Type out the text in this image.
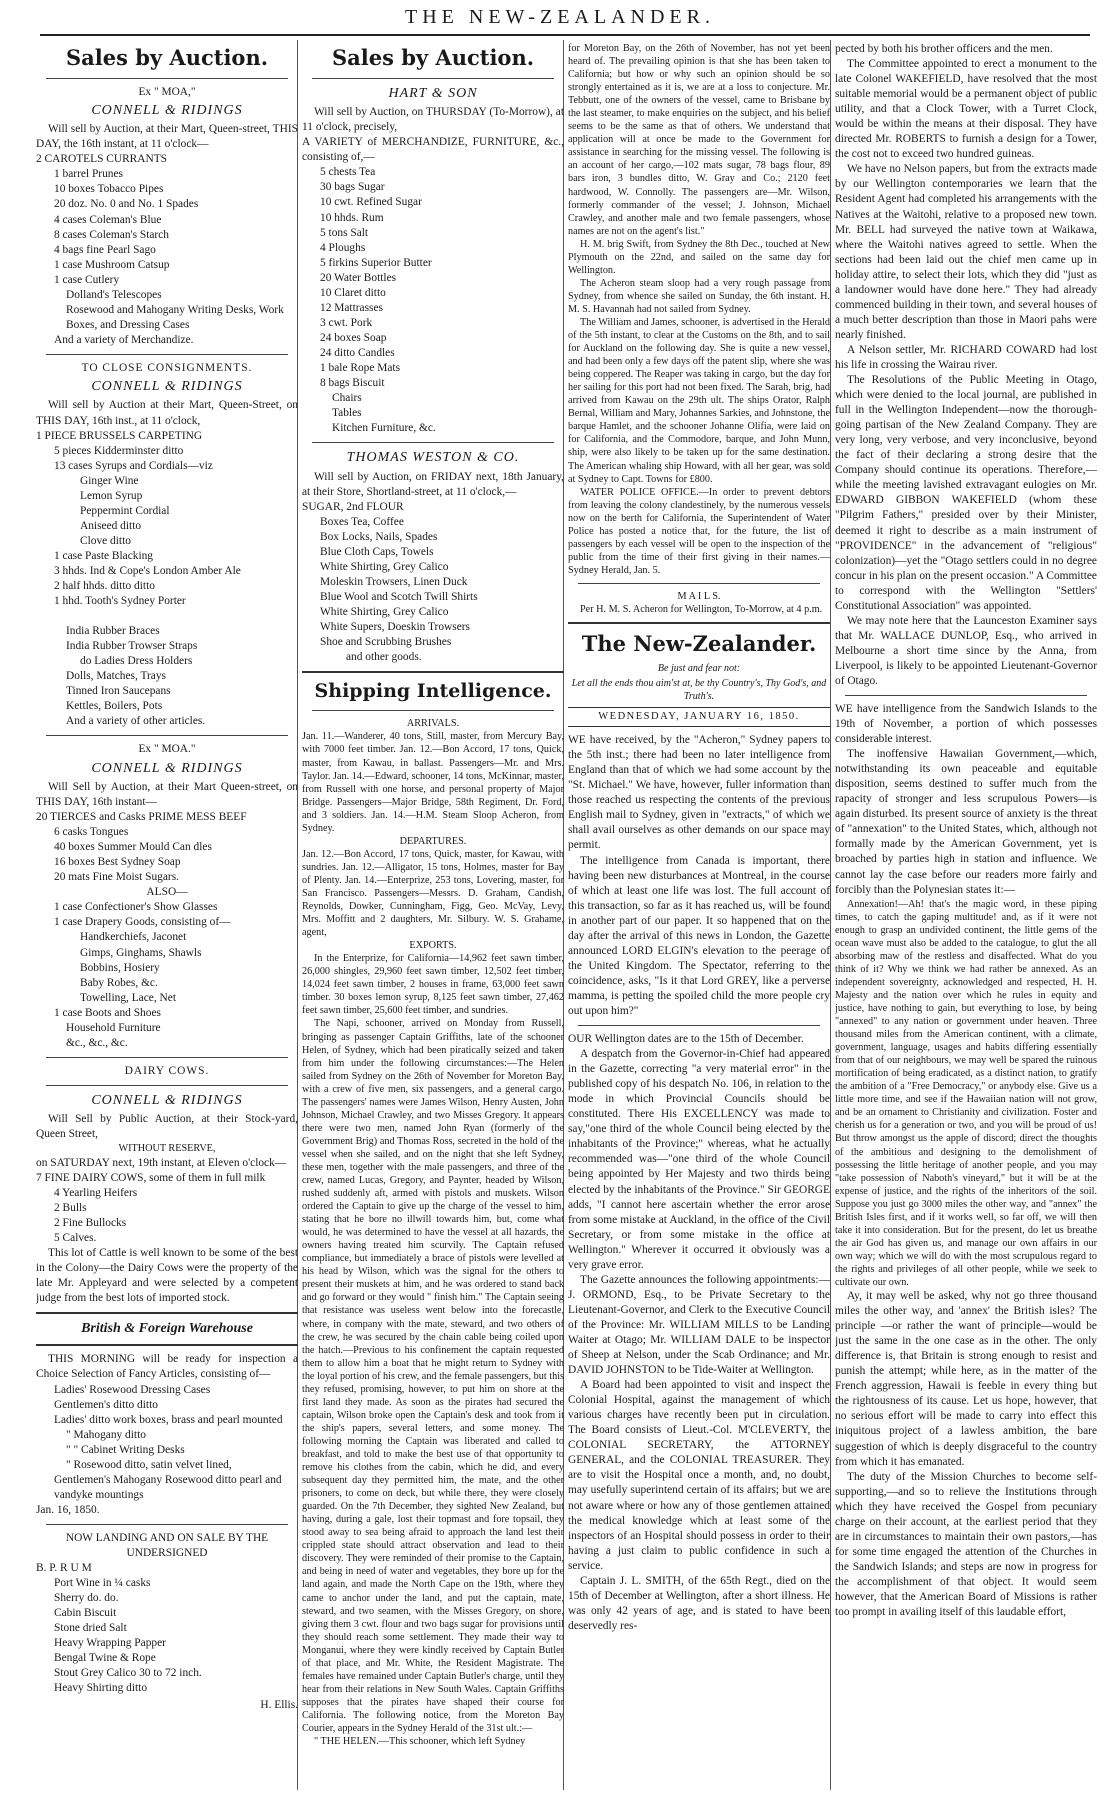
THE NEW-ZEALANDER.
Sales by Auction.
Ex " MOA,"
CONNELL & RIDINGS

Will sell by Auction, at their Mart, Queen-street, THIS DAY, the 16th instant, at 11 o'clock—

2 CAROTELS CURRANTS
1 barrel Prunes
10 boxes Tobacco Pipes
20 doz. No. 0 and No. 1 Spades
4 cases Coleman's Blue
8 cases Coleman's Starch
4 bags fine Pearl Sago
1 case Mushroom Catsup
1 case Cutlery
Dolland's Telescopes
Rosewood and Mahogany Writing Desks, Work Boxes, and Dressing Cases
And a variety of Merchandize.
TO CLOSE CONSIGNMENTS.
CONNELL & RIDINGS

Will sell by Auction at their Mart, Queen-Street, on THIS DAY, 16th inst., at 11 o'clock,

1 PIECE BRUSSELS CARPETING
5 pieces Kidderminster ditto
13 cases Syrups and Cordials—viz
Ginger Wine
Lemon Syrup
Peppermint Cordial
Aniseed ditto
Clove ditto
1 case Paste Blacking
3 hhds. Ind & Cope's London Amber Ale
2 half hhds. ditto ditto
1 hhd. Tooth's Sydney Porter

India Rubber Braces
India Rubber Trowser Straps
do Ladies Dress Holders
Dolls, Matches, Trays
Tinned Iron Saucepans
Kettles, Boilers, Pots
And a variety of other articles.
Ex " MOA."
CONNELL & RIDINGS

Will Sell by Auction, at their Mart Queen-street, on THIS DAY, 16th instant—

20 TIERCES and Casks PRIME MESS BEEF
6 casks Tongues
40 boxes Summer Mould Can dles
16 boxes Best Sydney Soap
20 mats Fine Moist Sugars.
ALSO—
1 case Confectioner's Show Glasses
1 case Drapery Goods, consisting of—
Handkerchiefs, Jaconet
Gimps, Ginghams, Shawls
Bobbins, Hosiery
Baby Robes, &c.
Towelling, Lace, Net
1 case Boots and Shoes
Household Furniture
&c., &c., &c.
DAIRY COWS.
CONNELL & RIDINGS

Will Sell by Public Auction, at their Stock-yard, Queen Street,

WITHOUT RESERVE,

on SATURDAY next, 19th instant, at Eleven o'clock—

7 FINE DAIRY COWS, some of them in full milk
4 Yearling Heifers
2 Bulls
2 Fine Bullocks
5 Calves.

This lot of Cattle is well known to be some of the best in the Colony—the Dairy Cows were the property of the late Mr. Appleyard and were selected by a competent judge from the best lots of imported stock.

British & Foreign Warehouse

THIS MORNING will be ready for inspection a Choice Selection of Fancy Articles, consisting of—

Ladies' Rosewood Dressing Cases
Gentlemen's ditto ditto
Ladies' ditto work boxes, brass and pearl mounted
" Mahogany ditto
" " Cabinet Writing Desks
" Rosewood ditto, satin velvet lined,
Gentlemen's Mahogany Rosewood ditto pearl and vandyke mountings
Jan. 16, 1850.
NOW LANDING AND ON SALE BY THE UNDERSIGNED
B. P. R U M
Port Wine in ¼ casks
Sherry do. do.
Cabin Biscuit
Stone dried Salt
Heavy Wrapping Papper
Bengal Twine & Rope
Stout Grey Calico 30 to 72 inch.
Heavy Shirting ditto
H. Ellis.
Sales by Auction.
HART & SON

Will sell by Auction, on THURSDAY (To-Morrow), at 11 o'clock, precisely,

A VARIETY of MERCHANDIZE, FURNITURE, &c., consisting of,—

5 chests Tea
30 bags Sugar
10 cwt. Refined Sugar
10 hhds. Rum
5 tons Salt
4 Ploughs
5 firkins Superior Butter
20 Water Bottles
10 Claret ditto
12 Mattrasses
3 cwt. Pork
24 boxes Soap
24 ditto Candles
1 bale Rope Mats
8 bags Biscuit
Chairs
Tables
Kitchen Furniture, &c.
THOMAS WESTON & CO.

Will sell by Auction, on FRIDAY next, 18th January, at their Store, Shortland-street, at 11 o'clock,—

SUGAR, 2nd FLOUR
Boxes Tea, Coffee
Box Locks, Nails, Spades
Blue Cloth Caps, Towels
White Shirting, Grey Calico
Moleskin Trowsers, Linen Duck
Blue Wool and Scotch Twill Shirts
White Shirting, Grey Calico
White Supers, Doeskin Trowsers
Shoe and Scrubbing Brushes
and other goods.
Shipping Intelligence.
ARRIVALS.

Jan. 11.—Wanderer, 40 tons, Still, master, from Mercury Bay, with 7000 feet timber. Jan. 12.—Bon Accord, 17 tons, Quick, master, from Kawau, in ballast. Passengers—Mr. and Mrs. Taylor. Jan. 14.—Edward, schooner, 14 tons, McKinnar, master, from Russell with one horse, and personal property of Major Bridge. Passengers—Major Bridge, 58th Regiment, Dr. Ford, and 3 soldiers. Jan. 14.—H.M. Steam Sloop Acheron, from Sydney.

DEPARTURES.

Jan. 12.—Bon Accord, 17 tons, Quick, master, for Kawau, with sundries. Jan. 12.—Alligator, 15 tons, Holmes, master for Bay of Plenty. Jan. 14.—Enterprize, 253 tons, Lovering, master, for San Francisco. Passengers—Messrs. D. Graham, Candish, Reynolds, Dowker, Cunningham, Figg, Geo. McVay, Levy, Mrs. Moffitt and 2 daughters, Mr. Silbury. W. S. Grahame, agent,

EXPORTS.

In the Enterprize, for California—14,962 feet sawn timber, 26,000 shingles, 29,960 feet sawn timber, 12,502 feet timber, 14,024 feet sawn timber, 2 houses in frame, 63,000 feet sawn timber. 30 boxes lemon syrup, 8,125 feet sawn timber, 27,462 feet sawn timber, 25,600 feet timber, and sundries.

The Napi, schooner, arrived on Monday from Russell, bringing as passenger Captain Griffiths, late of the schooner Helen, of Sydney, which had been piratically seized and taken from him under the following circumstances:—The Helen sailed from Sydney on the 26th of November for Moreton Bay, with a crew of five men, six passengers, and a general cargo. The passengers' names were James Wilson, Henry Austen, John Johnson, Michael Crawley, and two Misses Gregory. It appears there were two men, named John Ryan (formerly of the Government Brig) and Thomas Ross, secreted in the hold of the vessel when she sailed, and on the night that she left Sydney, these men, together with the male passengers, and three of the crew, named Lucas, Gregory, and Paynter, headed by Wilson, rushed suddenly aft, armed with pistols and muskets. Wilson ordered the Captain to give up the charge of the vessel to him, stating that he bore no illwill towards him, but, come what would, he was determined to have the vessel at all hazards, the owners having treated him scurvily. The Captain refused compliance, but immediately a brace of pistols were levelled at his head by Wilson, which was the signal for the others to present their muskets at him, and he was ordered to stand back and go forward or they would " finish him." The Captain seeing that resistance was useless went below into the forecastle, where, in company with the mate, steward, and two others of the crew, he was secured by the chain cable being coiled upon the hatch.—Previous to his confinement the captain requested them to allow him a boat that he might return to Sydney with the loyal portion of his crew, and the female passengers, but this they refused, promising, however, to put him on shore at the first land they made. As soon as the pirates had secured the captain, Wilson broke open the Captain's desk and took from it the ship's papers, several letters, and some money. The following morning the Captain was liberated and called to breakfast, and told to make the best use of that opportunity to remove his clothes from the cabin, which he did, and every subsequent day they permitted him, the mate, and the other prisoners, to come on deck, but while there, they were closely guarded. On the 7th December, they sighted New Zealand, but having, during a gale, lost their topmast and fore topsail, they stood away to sea being afraid to approach the land lest their crippled state should attract observation and lead to their discovery. They were reminded of their promise to the Captain, and being in need of water and vegetables, they bore up for the land again, and made the North Cape on the 19th, where they came to anchor under the land, and put the captain, mate, steward, and two seamen, with the Misses Gregory, on shore, giving them 3 cwt. flour and two bags sugar for provisions until they should reach some settlement. They made their way to Monganui, where they were kindly received by Captain Butler of that place, and Mr. White, the Resident Magistrate. The females have remained under Captain Butler's charge, until they hear from their relations in New South Wales. Captain Griffiths supposes that the pirates have shaped their course for California. The following notice, from the Moreton Bay Courier, appears in the Sydney Herald of the 31st ult.:—

" THE HELEN.—This schooner, which left Sydney

for Moreton Bay, on the 26th of November, has not yet been heard of. The prevailing opinion is that she has been taken to California; but how or why such an opinion should be so strongly entertained as it is, we are at a loss to conjecture. Mr. Tebbutt, one of the owners of the vessel, came to Brisbane by the last steamer, to make enquiries on the subject, and his belief seems to be the same as that of others. We understand that application will at once be made to the Government for assistance in searching for the missing vessel. The following is an account of her cargo,—102 mats sugar, 78 bags flour, 89 bars iron, 3 bundles ditto, W. Gray and Co.; 2120 feet hardwood, W. Connolly. The passengers are—Mr. Wilson, formerly commander of the vessel; J. Johnson, Michael Crawley, and another male and two female passengers, whose names are not on the agent's list."

H. M. brig Swift, from Sydney the 8th Dec., touched at New Plymouth on the 22nd, and sailed on the same day for Wellington.

The Acheron steam sloop had a very rough passage from Sydney, from whence she sailed on Sunday, the 6th instant. H. M. S. Havannah had not sailed from Sydney.

The William and James, schooner, is advertised in the Herald of the 5th instant, to clear at the Customs on the 8th, and to sail for Auckland on the following day. She is quite a new vessel, and had been only a few days off the patent slip, where she was being coppered. The Reaper was taking in cargo, but the day for her sailing for this port had not been fixed. The Sarah, brig, had arrived from Kawau on the 29th ult. The ships Orator, Ralph Bernal, William and Mary, Johannes Sarkies, and Johnstone, the barque Hamlet, and the schooner Johanne Olifia, were laid on for California, and the Commodore, barque, and John Munn, ship, were also likely to be taken up for the same destination. The American whaling ship Howard, with all her gear, was sold at Sydney to Capt. Towns for £800.

WATER POLICE OFFICE.—In order to prevent debtors from leaving the colony clandestinely, by the numerous vessels now on the berth for California, the Superintendent of Water Police has posted a notice that, for the future, the list of passengers by each vessel will be open to the inspection of the public from the time of their first giving in their names.—Sydney Herald, Jan. 5.

M A I L S.

Per H. M. S. Acheron for Wellington, To-Morrow, at 4 p.m.

The New-Zealander.
Be just and fear not:
Let all the ends thou aim'st at, be thy Country's, Thy God's, and Truth's.
WEDNESDAY, JANUARY 16, 1850.

WE have received, by the "Acheron," Sydney papers to the 5th inst.; there had been no later intelligence from England than that of which we had some account by the "St. Michael." We have, however, fuller information than those reached us respecting the contents of the previous English mail to Sydney, given in "extracts," of which we shall avail ourselves as other demands on our space may permit.

The intelligence from Canada is important, there having been new disturbances at Montreal, in the course of which at least one life was lost. The full account of this transaction, so far as it has reached us, will be found in another part of our paper. It so happened that on the day after the arrival of this news in London, the Gazette announced LORD ELGIN's elevation to the peerage of the United Kingdom. The Spectator, referring to the coincidence, asks, "Is it that Lord GREY, like a perverse mamma, is petting the spoiled child the more people cry out upon him?"

OUR Wellington dates are to the 15th of December.

A despatch from the Governor-in-Chief had appeared in the Gazette, correcting "a very material error" in the published copy of his despatch No. 106, in relation to the mode in which Provincial Councils should be constituted. There His EXCELLENCY was made to say,"one third of the whole Council being elected by the inhabitants of the Province;" whereas, what he actually recommended was—"one third of the whole Council being appointed by Her Majesty and two thirds being elected by the inhabitants of the Province." Sir GEORGE adds, "I cannot here ascertain whether the error arose from some mistake at Auckland, in the office of the Civil Secretary, or from some mistake in the office at Wellington." Wherever it occurred it obviously was a very grave error.

The Gazette announces the following appointments:—J. ORMOND, Esq., to be Private Secretary to the Lieutenant-Governor, and Clerk to the Executive Council of the Province: Mr. WILLIAM MILLS to be Landing Waiter at Otago; Mr. WILLIAM DALE to be inspector of Sheep at Nelson, under the Scab Ordinance; and Mr. DAVID JOHNSTON to be Tide-Waiter at Wellington.

A Board had been appointed to visit and inspect the Colonial Hospital, against the management of which various charges have recently been put in circulation. The Board consists of Lieut.-Col. M'CLEVERTY, the COLONIAL SECRETARY, the ATTORNEY GENERAL, and the COLONIAL TREASURER. They are to visit the Hospital once a month, and, no doubt, may usefully superintend certain of its affairs; but we are not aware where or how any of those gentlemen attained the medical knowledge which at least some of the inspectors of an Hospital should possess in order to their having a just claim to public confidence in such a service.

Captain J. L. SMITH, of the 65th Regt., died on the 15th of December at Wellington, after a short illness. He was only 42 years of age, and is stated to have been deservedly res-

pected by both his brother officers and the men.

The Committee appointed to erect a monument to the late Colonel WAKEFIELD, have resolved that the most suitable memorial would be a permanent object of public utility, and that a Clock Tower, with a Turret Clock, would be within the means at their disposal. They have directed Mr. ROBERTS to furnish a design for a Tower, the cost not to exceed two hundred guineas.

We have no Nelson papers, but from the extracts made by our Wellington contemporaries we learn that the Resident Agent had completed his arrangements with the Natives at the Waitohi, relative to a proposed new town. Mr. BELL had surveyed the native town at Waikawa, where the Waitohi natives agreed to settle. When the sections had been laid out the chief men came up in holiday attire, to select their lots, which they did "just as a landowner would have done here." They had already commenced building in their town, and several houses of a much better description than those in Maori pahs were nearly finished.

A Nelson settler, Mr. RICHARD COWARD had lost his life in crossing the Wairau river.

The Resolutions of the Public Meeting in Otago, which were denied to the local journal, are published in full in the Wellington Independent—now the thorough-going partisan of the New Zealand Company. They are very long, very verbose, and very inconclusive, beyond the fact of their declaring a strong desire that the Company should continue its operations. Therefore,—while the meeting lavished extravagant eulogies on Mr. EDWARD GIBBON WAKEFIELD (whom these "Pilgrim Fathers," presided over by their Minister, deemed it right to describe as a main instrument of "PROVIDENCE" in the advancement of "religious" colonization)—yet the "Otago settlers could in no degree concur in his plan on the present occasion." A Committee to correspond with the Wellington "Settlers' Constitutional Association" was appointed.

We may note here that the Launceston Examiner says that Mr. WALLACE DUNLOP, Esq., who arrived in Melbourne a short time since by the Anna, from Liverpool, is likely to be appointed Lieutenant-Governor of Otago.

WE have intelligence from the Sandwich Islands to the 19th of November, a portion of which possesses considerable interest.

The inoffensive Hawaiian Government,—which, notwithstanding its own peaceable and equitable disposition, seems destined to suffer much from the rapacity of stronger and less scrupulous Powers—is again disturbed. Its present source of anxiety is the threat of "annexation" to the United States, which, although not formally made by the American Government, yet is broached by parties high in station and influence. We cannot lay the case before our readers more fairly and forcibly than the Polynesian states it:—

Annexation!—Ah! that's the magic word, in these piping times, to catch the gaping multitude! and, as if it were not enough to grasp an undivided continent, the little gems of the ocean wave must also be added to the catalogue, to glut the all absorbing maw of the restless and disaffected. What do you think of it? Why we think we had rather be annexed. As an independent sovereignty, acknowledged and respected, H. H. Majesty and the nation over which he rules in equity and justice, have nothing to gain, but everything to lose, by being "annexed" to any nation or government under heaven. Three thousand miles from the American continent, with a climate, government, language, usages and habits differing essentially from that of our neighbours, we may well be spared the ruinous mortification of being eradicated, as a distinct nation, to gratify the ambition of a "Free Democracy," or anybody else. Give us a little more time, and see if the Hawaiian nation will not grow, and be an ornament to Christianity and civilization. Foster and cherish us for a generation or two, and you will be proud of us! But throw amongst us the apple of discord; direct the thoughts of the ambitious and designing to the demolishment of possessing the little heritage of another people, and you may "take possession of Naboth's vineyard," but it will be at the expense of justice, and the rights of the inheritors of the soil. Suppose you just go 3000 miles the other way, and "annex" the British Isles first, and if it works well, so far off, we will then take it into consideration. But for the present, do let us breathe the air God has given us, and manage our own affairs in our own way; which we will do with the most scrupulous regard to the rights and privileges of all other people, while we seek to cultivate our own.

Ay, it may well be asked, why not go three thousand miles the other way, and 'annex' the British isles? The principle —or rather the want of principle—would be just the same in the one case as in the other. The only difference is, that Britain is strong enough to resist and punish the attempt; while here, as in the matter of the French aggression, Hawaii is feeble in every thing but the rightousness of its cause. Let us hope, however, that no serious effort will be made to carry into effect this iniquitous project of a lawless ambition, the bare suggestion of which is deeply disgraceful to the country from which it has emanated.

The duty of the Mission Churches to become self-supporting,—and so to relieve the Institutions through which they have received the Gospel from pecuniary charge on their account, at the earliest period that they are in circumstances to maintain their own pastors,—has for some time engaged the attention of the Churches in the Sandwich Islands; and steps are now in progress for the accomplishment of that object. It would seem however, that the American Board of Missions is rather too prompt in availing itself of this laudable effort,
